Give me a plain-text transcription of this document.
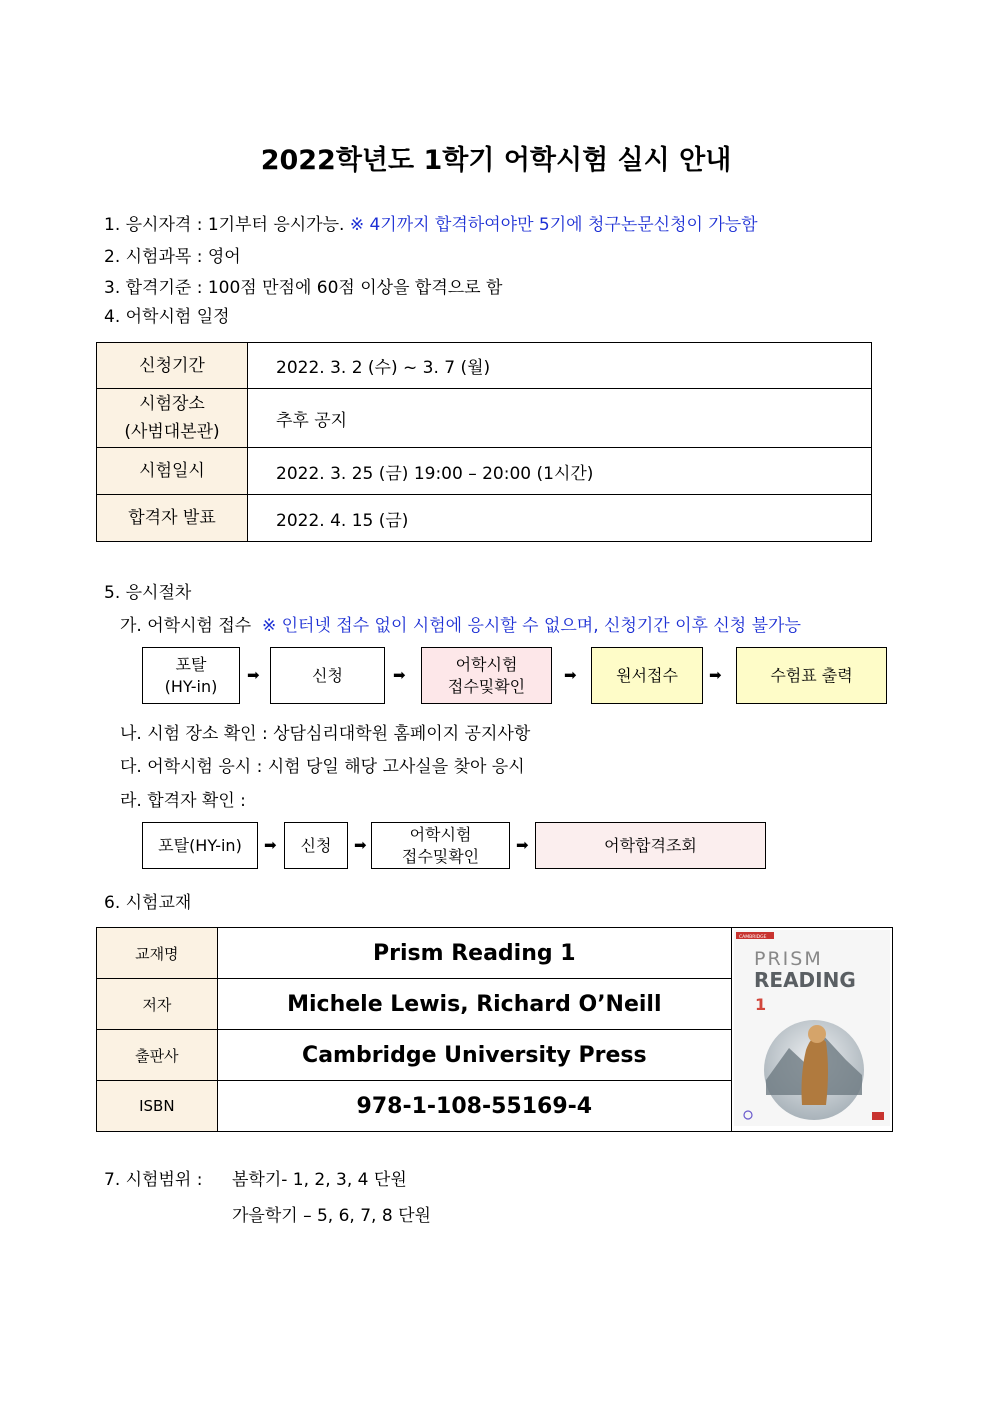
2022학년도 1학기 어학시험 실시 안내
1. 응시자격 : 1기부터 응시가능. ※ 4기까지 합격하여야만 5기에 청구논문신청이 가능함
2. 시험과목 : 영어
3. 합격기준 : 100점 만점에 60점 이상을 합격으로 함
4. 어학시험 일정
신청기간	2022. 3. 2 (수) ~ 3. 7 (월)

시험장소
(사범대본관)	추후 공지
시험일시	2022. 3. 25 (금) 19:00 – 20:00 (1시간)
합격자 발표	2022. 4. 15 (금)
5. 응시절차
가. 어학시험 접수 ※ 인터넷 접수 없이 시험에 응시할 수 없으며, 신청기간 이후 신청 불가능
포탈
(HY-in)
➡	신청	➡
어학시험
접수및확인
➡	원서접수	➡	수험표 출력
나. 시험 장소 확인 : 상담심리대학원 홈페이지 공지사항
다. 어학시험 응시 : 시험 당일 해당 고사실을 찾아 응시
라. 합격자 확인 :
포탈(HY-in)	➡	신청	➡
어학시험
접수및확인
➡	어학합격조회
6. 시험교재
교재명	Prism Reading 1	CAMBRIDGE
PRISM
READING
1

저자	Michele Lewis, Richard O’Neill	
출판사	Cambridge University Press	
ISBN	978-1-108-55169-4	
7. 시험범위 : 봄학기- 1, 2, 3, 4 단원
가을학기 – 5, 6, 7, 8 단원
